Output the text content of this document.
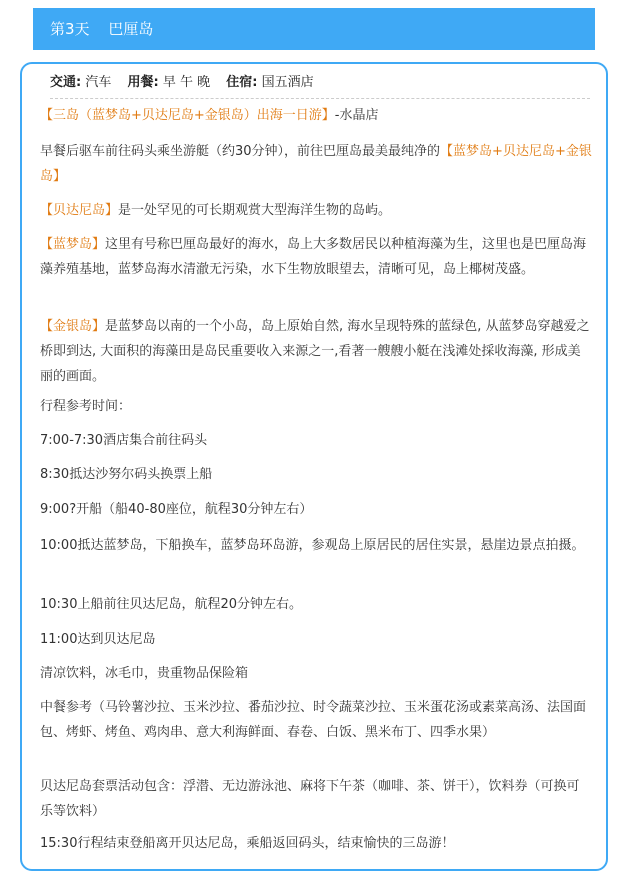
第3天 巴厘岛
交通: 汽车 用餐: 早 午 晚 住宿: 国五酒店

【三岛（蓝梦岛+贝达尼岛+金银岛）出海一日游】-水晶店

早餐后驱车前往码头乘坐游艇（约30分钟），前往巴厘岛最美最纯净的【蓝梦岛+贝达尼岛+金银岛】

【贝达尼岛】是一处罕见的可长期观赏大型海洋生物的岛屿。

【蓝梦岛】这里有号称巴厘岛最好的海水，岛上大多数居民以种植海藻为生，这里也是巴厘岛海藻养殖基地，蓝梦岛海水清澈无污染，水下生物放眼望去，清晰可见，岛上椰树茂盛。

【金银岛】是蓝梦岛以南的一个小岛，岛上原始自然, 海水呈现特殊的蓝绿色, 从蓝梦岛穿越爱之桥即到达, 大面积的海藻田是岛民重要收入来源之一,看著一艘艘小艇在浅滩处採收海藻, 形成美丽的画面。

行程参考时间：

7:00-7:30酒店集合前往码头

8:30抵达沙努尔码头换票上船

9:00?开船（船40-80座位，航程30分钟左右）

10:00抵达蓝梦岛，下船换车，蓝梦岛环岛游，参观岛上原居民的居住实景，悬崖边景点拍摄。

10:30上船前往贝达尼岛，航程20分钟左右。

11:00达到贝达尼岛

清凉饮料，冰毛巾，贵重物品保险箱

中餐参考（马铃薯沙拉、玉米沙拉、番茄沙拉、时令蔬菜沙拉、玉米蛋花汤或素菜高汤、法国面包、烤虾、烤鱼、鸡肉串、意大利海鲜面、春卷、白饭、黑米布丁、四季水果）

贝达尼岛套票活动包含：浮潜、无边游泳池、麻将下午茶（咖啡、茶、饼干），饮料券（可换可乐等饮料）

15:30行程结束登船离开贝达尼岛，乘船返回码头，结束愉快的三岛游！
